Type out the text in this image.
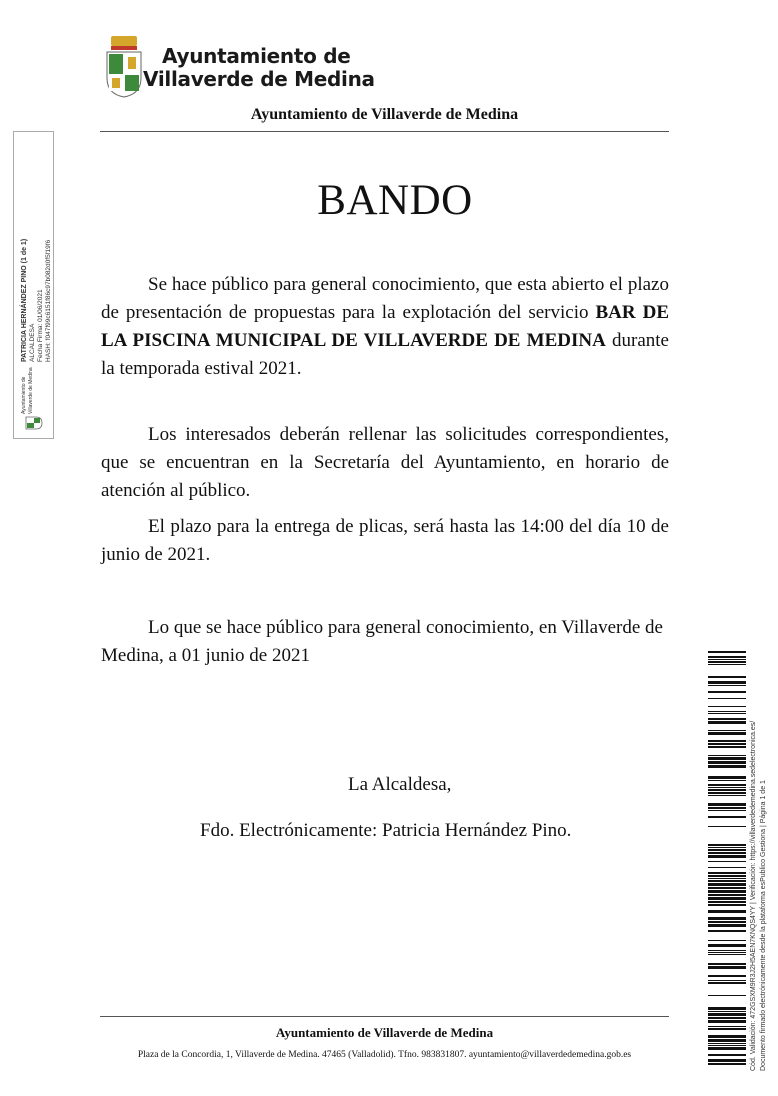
Ayuntamiento de
Villaverde de Medina
Ayuntamiento de Villaverde de Medina
BANDO
Se hace público para general conocimiento, que esta abierto el plazo de presentación de propuestas para la explotación del servicio BAR DE LA PISCINA MUNICIPAL DE VILLAVERDE DE MEDINA durante la temporada estival 2021.
Los interesados deberán rellenar las solicitudes correspondientes, que se encuentran en la Secretaría del Ayuntamiento, en horario de atención al público.
El plazo para la entrega de plicas, será hasta las 14:00 del día 10 de junio de 2021.
Lo que se hace público para general conocimiento, en Villaverde de Medina, a 01 junio de 2021
La Alcaldesa,
Fdo. Electrónicamente: Patricia Hernández Pino.
Ayuntamiento de Villaverde de Medina
Plaza de la Concordia, 1, Villaverde de Medina. 47465 (Valladolid). Tfno. 983831807. ayuntamiento@villaverdedemedina.gob.es
Ayuntamiento de Villaverde de Medina
PATRICIA HERNÁNDEZ PINO (1 de 1) ALCALDESA Fecha Firma: 01/06/2021 HASH: f047f99c6151f86c97b082d0f5f19f6
Cód. Validación: 472GSXM9R3J2H5AEN7KNQS4YY | Verificación: https://villaverdedemedina.sedelectronica.es/ Documento firmado electrónicamente desde la plataforma esPublico Gestiona | Página 1 de 1
